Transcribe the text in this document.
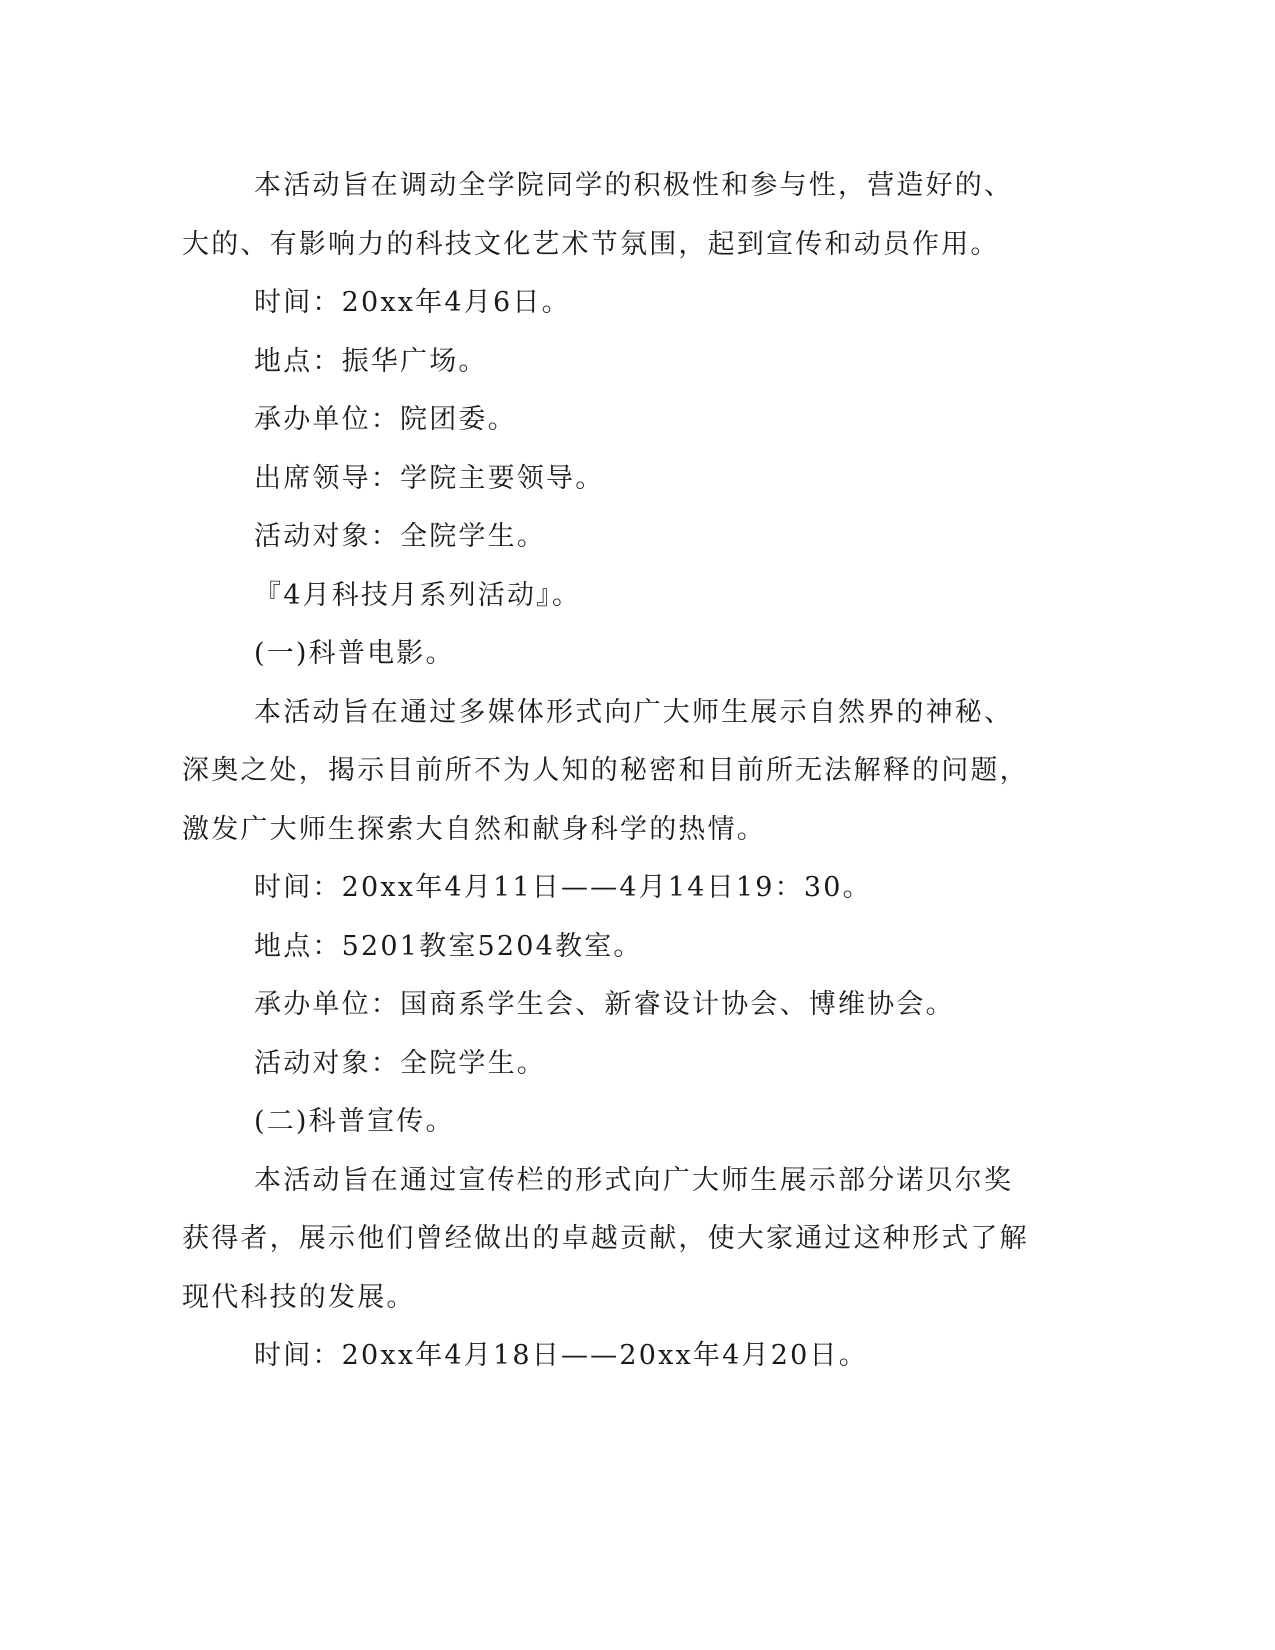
本活动旨在调动全学院同学的积极性和参与性，营造好的、大的、有影响力的科技文化艺术节氛围，起到宣传和动员作用。

时间：20xx年4月6日。

地点：振华广场。

承办单位：院团委。

出席领导：学院主要领导。

活动对象：全院学生。

『4月科技月系列活动』。

(一)科普电影。

本活动旨在通过多媒体形式向广大师生展示自然界的神秘、深奥之处，揭示目前所不为人知的秘密和目前所无法解释的问题，激发广大师生探索大自然和献身科学的热情。

时间：20xx年4月11日——4月14日19：30。

地点：5201教室5204教室。

承办单位：国商系学生会、新睿设计协会、博维协会。

活动对象：全院学生。

(二)科普宣传。

本活动旨在通过宣传栏的形式向广大师生展示部分诺贝尔奖获得者，展示他们曾经做出的卓越贡献，使大家通过这种形式了解现代科技的发展。

时间：20xx年4月18日——20xx年4月20日。
